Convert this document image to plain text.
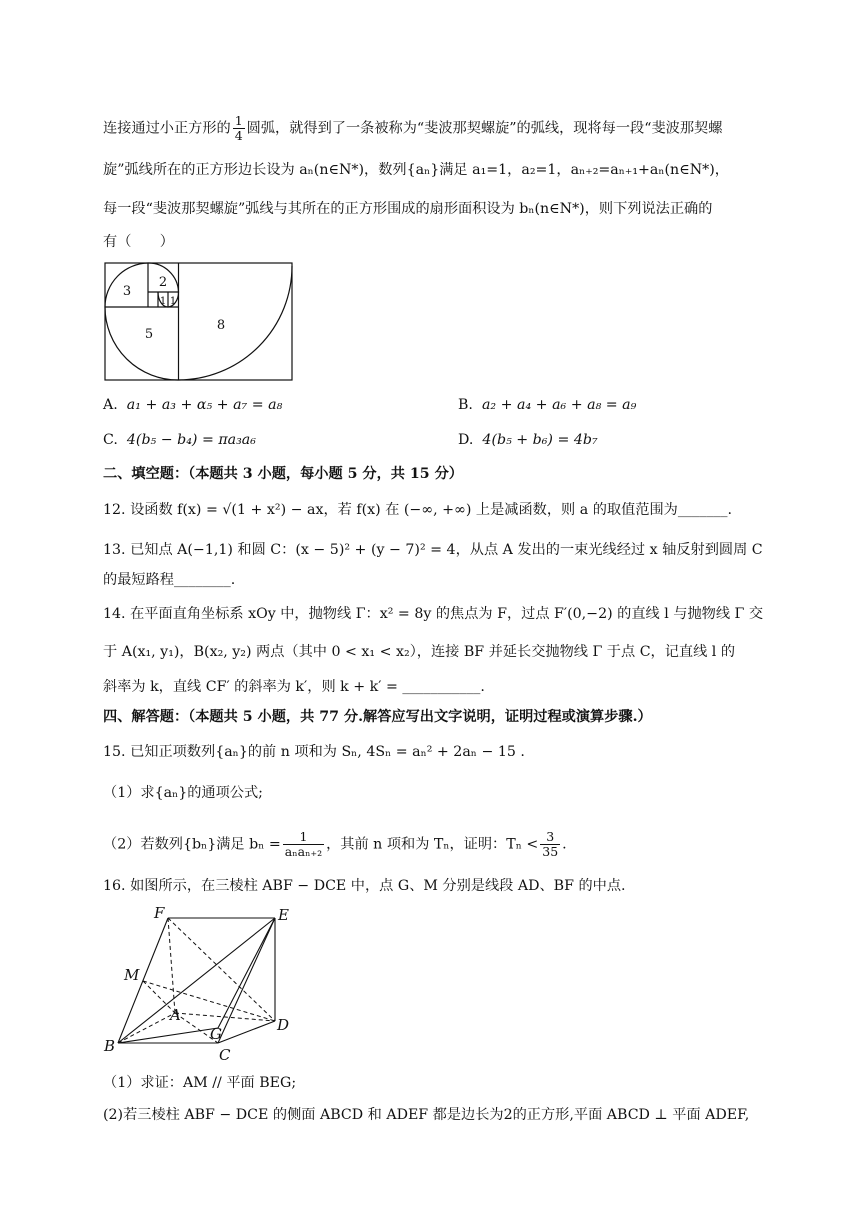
连接通过小正方形的 $\frac{1}{4}$ 圆弧，就得到了一条被称为“斐波那契螺旋”的弧线，现将每一段“斐波那契螺
旋”弧线所在的正方形边长设为 aₙ(n∈N*)，数列{aₙ}满足 a₁=1，a₂=1，aₙ₊₂=aₙ₊₁+aₙ(n∈N*)，
每一段“斐波那契螺旋”弧线与其所在的正方形围成的扇形面积设为 bₙ(n∈N*)，则下列说法正确的
有（　　）
3
2
1 1
5
8
A. a₁ + a₃ + α₅ + a₇ = a₈	B. a₂ + a₄ + a₆ + a₈ = a₉
C. 4(b₅ − b₄) = πa₃a₆	D. 4(b₅ + b₆) = 4b₇
二、填空题：（本题共 3 小题，每小题 5 分，共 15 分）
12. 设函数 f(x) = √(1 + x²) − ax，若 f(x) 在 (−∞, +∞) 上是减函数，则 a 的取值范围为_______.
13. 已知点 A(−1,1) 和圆 C：(x − 5)² + (y − 7)² = 4，从点 A 发出的一束光线经过 x 轴反射到圆周 C
的最短路程________.
14. 在平面直角坐标系 xOy 中，抛物线 Γ：x² = 8y 的焦点为 F，过点 F′(0,−2) 的直线 l 与抛物线 Γ 交
于 A(x₁, y₁)，B(x₂, y₂) 两点（其中 0 < x₁ < x₂），连接 BF 并延长交抛物线 Γ 于点 C，记直线 l 的
斜率为 k，直线 CF′ 的斜率为 k′，则 k + k′ = ___________.
四、解答题：（本题共 5 小题，共 77 分.解答应写出文字说明，证明过程或演算步骤.）
15. 已知正项数列{aₙ}的前 n 项和为 Sₙ, 4Sₙ = aₙ² + 2aₙ − 15 .
（1）求{aₙ}的通项公式;
（2）若数列{bₙ}满足 $b_n = \frac{1}{\text{aₙaₙ₊₂}}$ ，其前 n 项和为 Tₙ，证明：$T_n < \frac{3}{35}$ .
16. 如图所示，在三棱柱 ABF − DCE 中，点 G、M 分别是线段 AD、BF 的中点.
F	E
M
A
G	D
B	C
（1）求证：AM // 平面 BEG;
(2)若三棱柱 ABF − DCE 的侧面 ABCD 和 ADEF 都是边长为2的正方形,平面 ABCD ⊥ 平面 ADEF,
